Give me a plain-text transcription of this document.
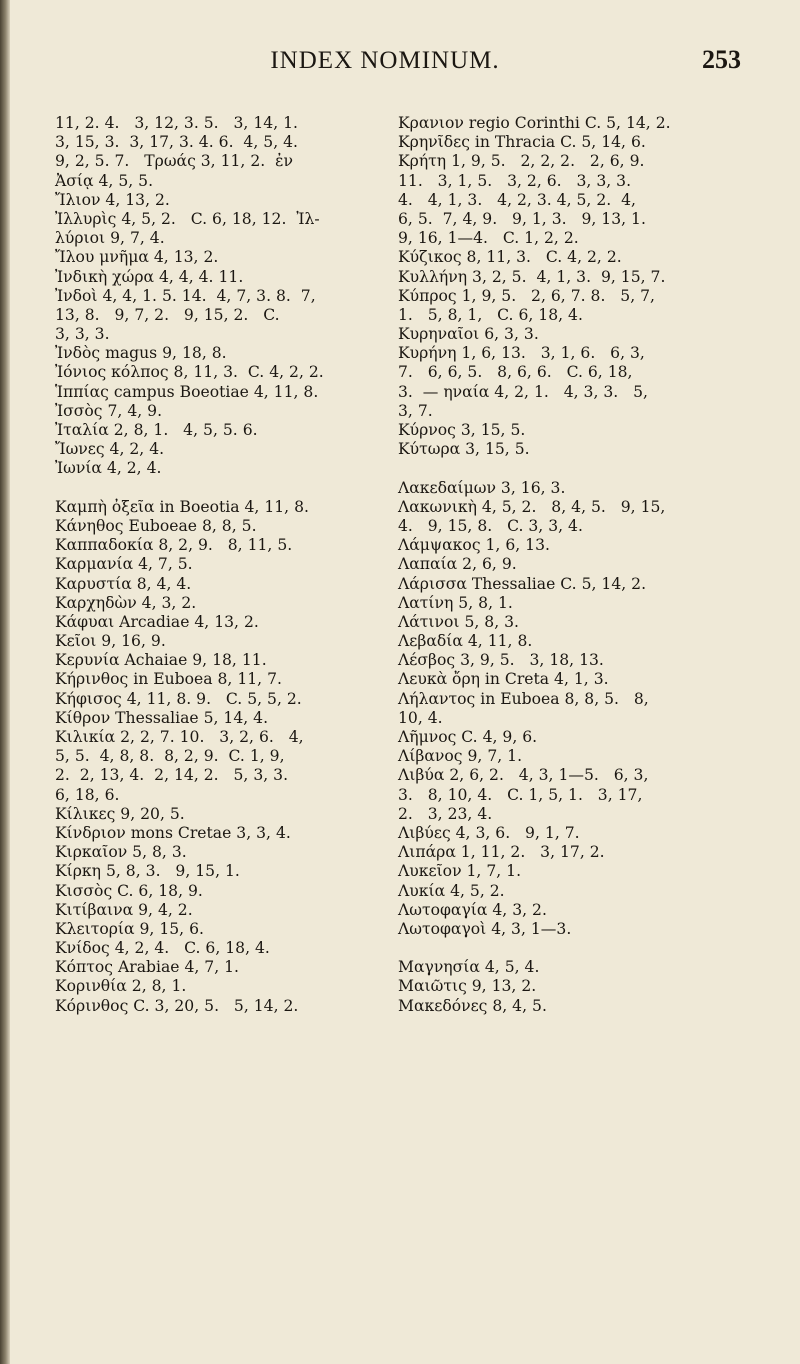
INDEX NOMINUM.	253
11, 2. 4.   3, 12, 3. 5.   3, 14, 1.
3, 15, 3.  3, 17, 3. 4. 6.  4, 5, 4.
9, 2, 5. 7.   Τρωάς 3, 11, 2.  ἐν
Ἀσίᾳ 4, 5, 5.
Ἴλιον 4, 13, 2.
Ἰλλυρὶς 4, 5, 2.   C. 6, 18, 12.  Ἰλ-
λύριοι 9, 7, 4.
Ἴλου μνῆμα 4, 13, 2.
Ἰνδικὴ χώρα 4, 4, 4. 11.
Ἰνδοὶ 4, 4, 1. 5. 14.  4, 7, 3. 8.  7,
13, 8.   9, 7, 2.   9, 15, 2.   C.
3, 3, 3.
Ἰνδὸς magus 9, 18, 8.
Ἰόνιος κόλπος 8, 11, 3.  C. 4, 2, 2.
Ἱππίας campus Boeotiae 4, 11, 8.
Ἰσσὸς 7, 4, 9.
Ἰταλία 2, 8, 1.   4, 5, 5. 6.
Ἴωνες 4, 2, 4.
Ἰωνία 4, 2, 4.
Καμπὴ ὀξεῖα in Boeotia 4, 11, 8.
Κάνηθος Euboeae 8, 8, 5.
Καππαδοκία 8, 2, 9.   8, 11, 5.
Καρμανία 4, 7, 5.
Καρυστία 8, 4, 4.
Καρχηδὼν 4, 3, 2.
Κάφυαι Arcadiae 4, 13, 2.
Κεῖοι 9, 16, 9.
Κερυνία Achaiae 9, 18, 11.
Κήρινθος in Euboea 8, 11, 7.
Κήφισος 4, 11, 8. 9.   C. 5, 5, 2.
Κίθρον Thessaliae 5, 14, 4.
Κιλικία 2, 2, 7. 10.   3, 2, 6.   4,
5, 5.  4, 8, 8.  8, 2, 9.  C. 1, 9,
2.  2, 13, 4.  2, 14, 2.   5, 3, 3.
6, 18, 6.
Κίλικες 9, 20, 5.
Κίνδριον mons Cretae 3, 3, 4.
Κιρκαῖον 5, 8, 3.
Κίρκη 5, 8, 3.   9, 15, 1.
Κισσὸς C. 6, 18, 9.
Κιτίβαινα 9, 4, 2.
Κλειτορία 9, 15, 6.
Κνίδος 4, 2, 4.   C. 6, 18, 4.
Κόπτος Arabiae 4, 7, 1.
Κορινθία 2, 8, 1.
Κόρινθος C. 3, 20, 5.   5, 14, 2.
Κρανιον regio Corinthi C. 5, 14, 2.
Κρηνῖδες in Thracia C. 5, 14, 6.
Κρήτη 1, 9, 5.   2, 2, 2.   2, 6, 9.
11.   3, 1, 5.   3, 2, 6.   3, 3, 3.
4.   4, 1, 3.   4, 2, 3. 4, 5, 2.  4,
6, 5.  7, 4, 9.   9, 1, 3.   9, 13, 1.
9, 16, 1—4.   C. 1, 2, 2.
Κύζικος 8, 11, 3.   C. 4, 2, 2.
Κυλλήνη 3, 2, 5.  4, 1, 3.  9, 15, 7.
Κύπρος 1, 9, 5.   2, 6, 7. 8.   5, 7,
1.   5, 8, 1,   C. 6, 18, 4.
Κυρηναῖοι 6, 3, 3.
Κυρήνη 1, 6, 13.   3, 1, 6.   6, 3,
7.   6, 6, 5.   8, 6, 6.   C. 6, 18,
3.  — ηναία 4, 2, 1.   4, 3, 3.   5,
3, 7.
Κύρνος 3, 15, 5.
Κύτωρα 3, 15, 5.
Λακεδαίμων 3, 16, 3.
Λακωνικὴ 4, 5, 2.   8, 4, 5.   9, 15,
4.   9, 15, 8.   C. 3, 3, 4.
Λάμψακος 1, 6, 13.
Λαπαία 2, 6, 9.
Λάρισσα Thessaliae C. 5, 14, 2.
Λατίνη 5, 8, 1.
Λάτινοι 5, 8, 3.
Λεβαδία 4, 11, 8.
Λέσβος 3, 9, 5.   3, 18, 13.
Λευκὰ ὄρη in Creta 4, 1, 3.
Λήλαντος in Euboea 8, 8, 5.   8,
10, 4.
Λῆμνος C. 4, 9, 6.
Λίβανος 9, 7, 1.
Λιβύα 2, 6, 2.   4, 3, 1—5.   6, 3,
3.   8, 10, 4.   C. 1, 5, 1.   3, 17,
2.   3, 23, 4.
Λιβύες 4, 3, 6.   9, 1, 7.
Λιπάρα 1, 11, 2.   3, 17, 2.
Λυκεῖον 1, 7, 1.
Λυκία 4, 5, 2.
Λωτοφαγία 4, 3, 2.
Λωτοφαγοὶ 4, 3, 1—3.
Μαγνησία 4, 5, 4.
Μαιῶτις 9, 13, 2.
Μακεδόνες 8, 4, 5.
